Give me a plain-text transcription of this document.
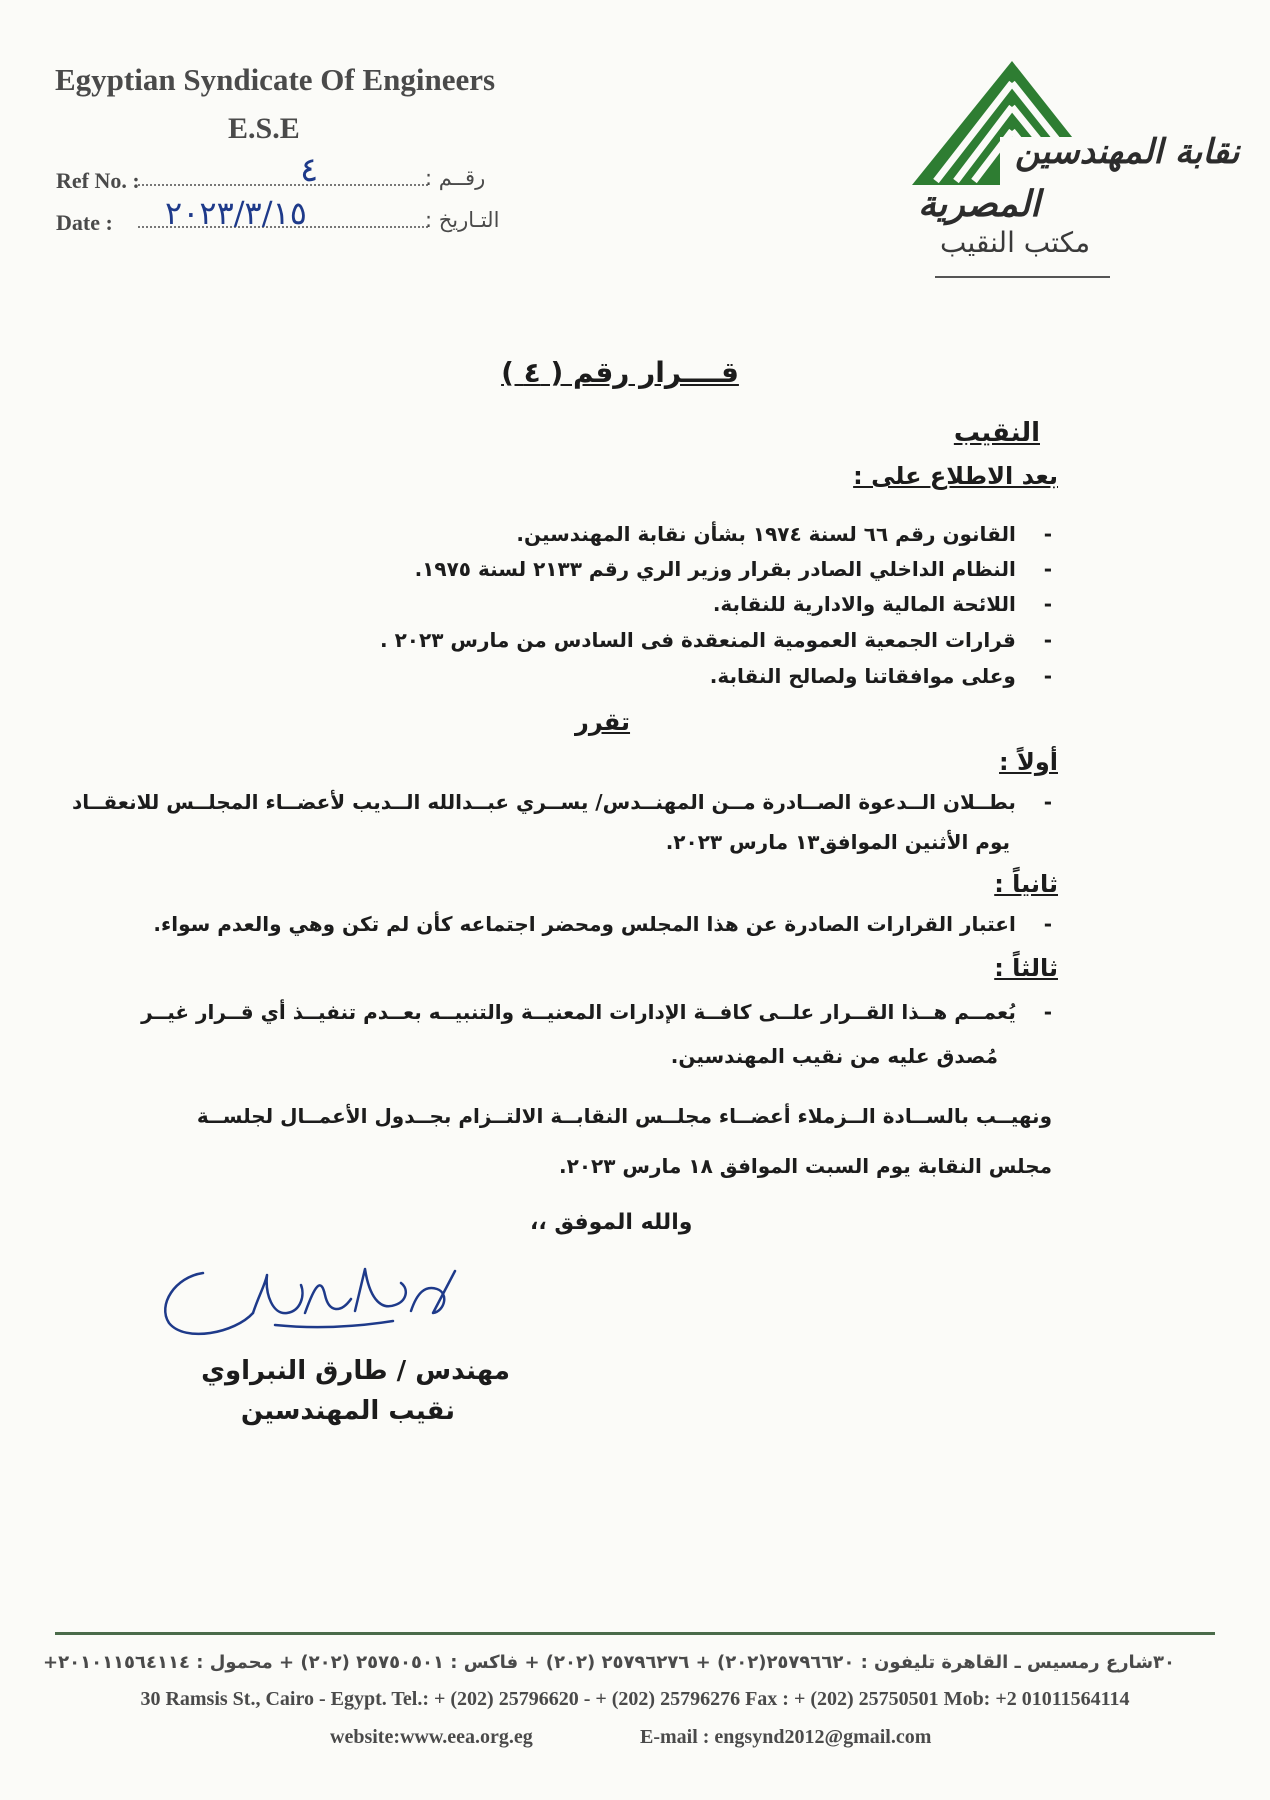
Egyptian Syndicate Of Engineers
E.S.E
Ref No. :	٤	رقــم :
Date : ٢٠٢٣/٣/١٥	التـاريخ :
نقابة المهندسين
المصرية
مكتب النقيب
قــــرار رقم ( ٤ )
النقيب
بعد الاطلاع على :
-    القانون رقم ٦٦ لسنة ١٩٧٤ بشأن نقابة المهندسين.
-    النظام الداخلي الصادر بقرار وزير الري رقم ٢١٣٣ لسنة ١٩٧٥.
-    اللائحة المالية والادارية للنقابة.
-    قرارات الجمعية العمومية المنعقدة فى السادس من مارس ٢٠٢٣ .
-    وعلى موافقاتنا ولصالح النقابة.
تقرر
أولاً :
-    بطــلان الــدعوة الصــادرة مــن المهنــدس/ يســري عبــدالله الــديب لأعضــاء المجلــس للانعقــاد
يوم الأثنين الموافق١٣ مارس ٢٠٢٣.
ثانياً :
-    اعتبار القرارات الصادرة عن هذا المجلس ومحضر اجتماعه كأن لم تكن وهي والعدم سواء.
ثالثاً :
-    يُعمــم هــذا القــرار علــى كافــة الإدارات المعنيــة والتنبيــه بعــدم تنفيــذ أي قــرار غيــر
مُصدق عليه من نقيب المهندسين.
ونهيــب بالســادة الــزملاء أعضــاء مجلــس النقابــة الالتــزام بجــدول الأعمــال لجلســة
مجلس النقابة يوم السبت الموافق ١٨ مارس ٢٠٢٣.
والله الموفق ،،
مهندس / طارق النبراوي
نقيب المهندسين
٣٠شارع رمسيس ـ القاهرة تليفون : ٢٥٧٩٦٦٢٠(٢٠٢) + ٢٥٧٩٦٢٧٦ (٢٠٢) + فاكس : ٢٥٧٥٠٥٠١ (٢٠٢) + محمول : ٢٠١٠١١٥٦٤١١٤+
30 Ramsis St., Cairo - Egypt. Tel.: + (202) 25796620 - + (202) 25796276 Fax : + (202) 25750501 Mob: +2 01011564114
website:www.eea.org.eg	E-mail : engsynd2012@gmail.com
